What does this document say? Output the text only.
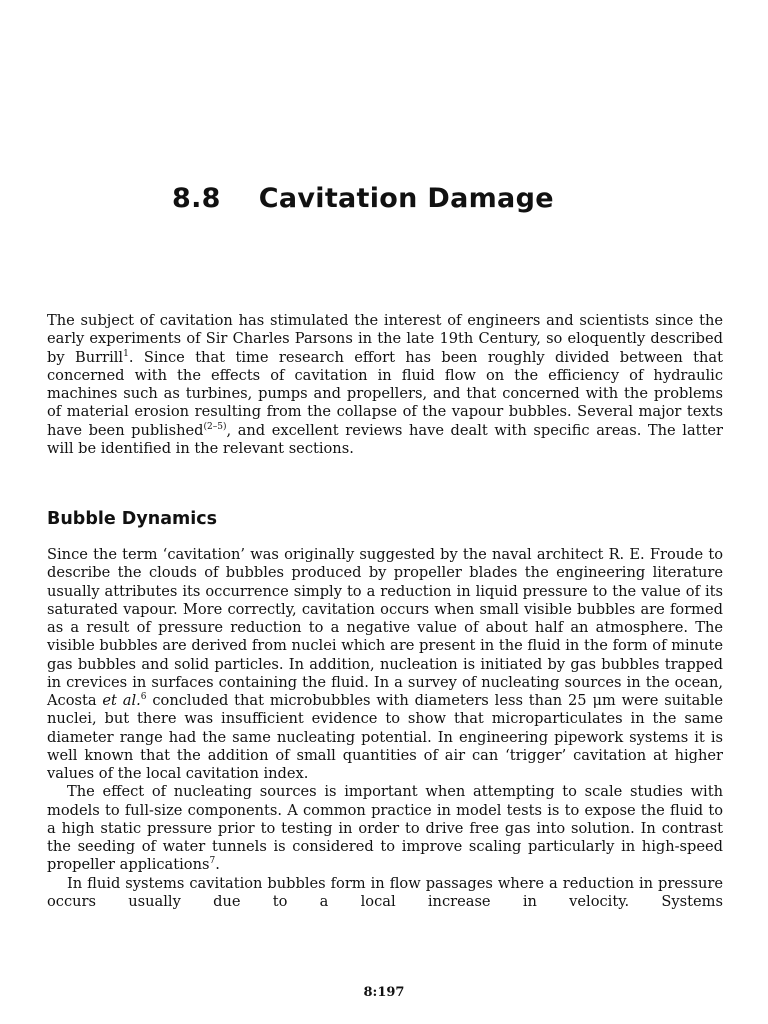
8.8 Cavitation Damage

The subject of cavitation has stimulated the interest of engineers and scientists since the early experiments of Sir Charles Parsons in the late 19th Century, so eloquently described by Burrill$^1$. Since that time research effort has been roughly divided between that concerned with the effects of cavitation in fluid flow on the efficiency of hydraulic machines such as turbines, pumps and propellers, and that concerned with the problems of material erosion resulting from the collapse of the vapour bubbles. Several major texts have been published$^{(2-5)}$, and excellent reviews have dealt with specific areas. The latter will be identified in the relevant sections.

Bubble Dynamics

Since the term ‘cavitation’ was originally suggested by the naval architect R. E. Froude to describe the clouds of bubbles produced by propeller blades the engineering literature usually attributes its occurrence simply to a reduction in liquid pressure to the value of its saturated vapour. More correctly, cavitation occurs when small visible bubbles are formed as a result of pressure reduction to a negative value of about half an atmosphere. The visible bubbles are derived from nuclei which are present in the fluid in the form of minute gas bubbles and solid particles. In addition, nucleation is initiated by gas bubbles trapped in crevices in surfaces containing the fluid. In a survey of nucleating sources in the ocean, Acosta et al.$^6$ concluded that microbubbles with diameters less than 25 μm were suitable nuclei, but there was insufficient evidence to show that microparticulates in the same diameter range had the same nucleating potential. In engineering pipework systems it is well known that the addition of small quantities of air can ‘trigger’ cavitation at higher values of the local cavitation index.

The effect of nucleating sources is important when attempting to scale studies with models to full-size components. A common practice in model tests is to expose the fluid to a high static pressure prior to testing in order to drive free gas into solution. In contrast the seeding of water tunnels is considered to improve scaling particularly in high-speed propeller applications$^7$.

In fluid systems cavitation bubbles form in flow passages where a reduction in pressure occurs usually due to a local increase in velocity. Systems

8:197
